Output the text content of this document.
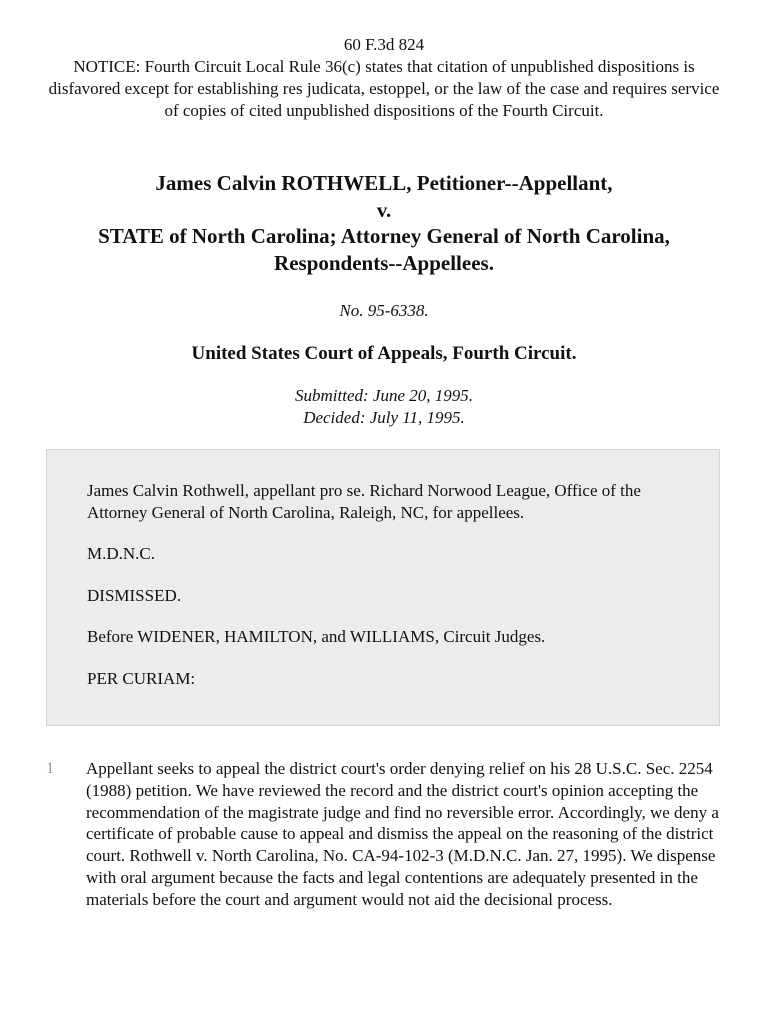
60 F.3d 824
NOTICE: Fourth Circuit Local Rule 36(c) states that citation of unpublished dispositions is disfavored except for establishing res judicata, estoppel, or the law of the case and requires service of copies of cited unpublished dispositions of the Fourth Circuit.
James Calvin ROTHWELL, Petitioner--Appellant,
v.
STATE of North Carolina; Attorney General of North Carolina, Respondents--Appellees.
No. 95-6338.
United States Court of Appeals, Fourth Circuit.
Submitted: June 20, 1995.
Decided: July 11, 1995.

James Calvin Rothwell, appellant pro se. Richard Norwood League, Office of the Attorney General of North Carolina, Raleigh, NC, for appellees.

M.D.N.C.

DISMISSED.

Before WIDENER, HAMILTON, and WILLIAMS, Circuit Judges.

PER CURIAM:

1 Appellant seeks to appeal the district court's order denying relief on his 28 U.S.C. Sec. 2254 (1988) petition. We have reviewed the record and the district court's opinion accepting the recommendation of the magistrate judge and find no reversible error. Accordingly, we deny a certificate of probable cause to appeal and dismiss the appeal on the reasoning of the district court. Rothwell v. North Carolina, No. CA-94-102-3 (M.D.N.C. Jan. 27, 1995). We dispense with oral argument because the facts and legal contentions are adequately presented in the materials before the court and argument would not aid the decisional process.
